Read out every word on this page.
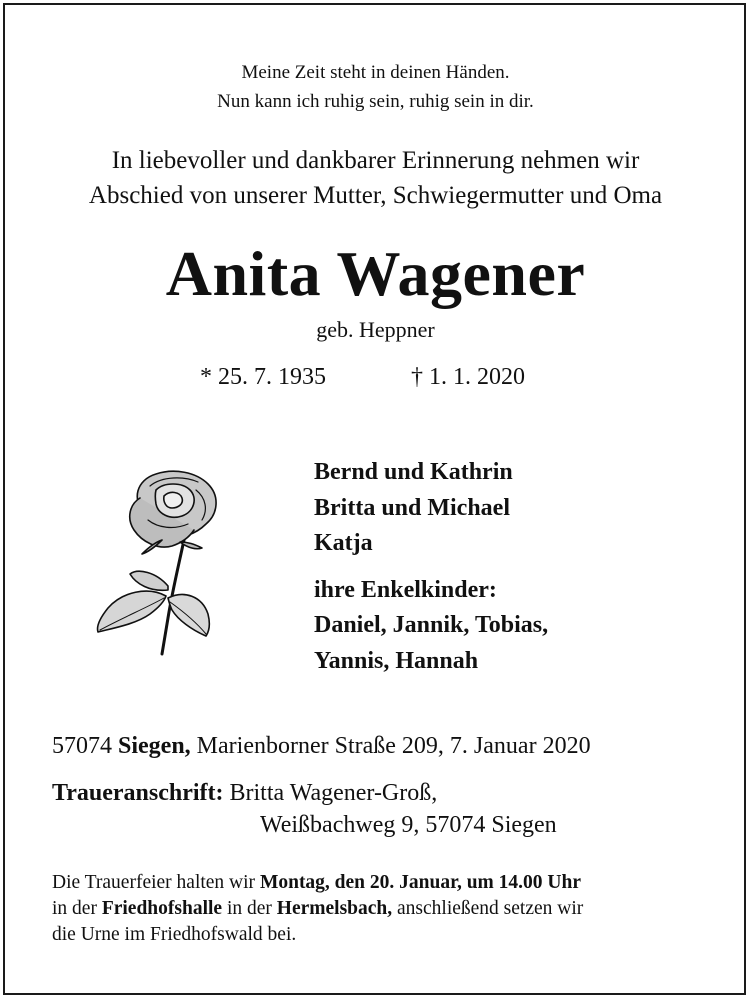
Meine Zeit steht in deinen Händen.
Nun kann ich ruhig sein, ruhig sein in dir.
In liebevoller und dankbarer Erinnerung nehmen wir
Abschied von unserer Mutter, Schwiegermutter und Oma
Anita Wagener
geb. Heppner
* 25. 7. 1935	† 1. 1. 2020
Bernd und Kathrin
Britta und Michael
Katja
ihre Enkelkinder:
Daniel, Jannik, Tobias,
Yannis, Hannah
57074 Siegen, Marienborner Straße 209, 7. Januar 2020
Traueranschrift: Britta Wagener-Groß,
Weißbachweg 9, 57074 Siegen
Die Trauerfeier halten wir Montag, den 20. Januar, um 14.00 Uhr
in der Friedhofshalle in der Hermelsbach, anschließend setzen wir
die Urne im Friedhofswald bei.
